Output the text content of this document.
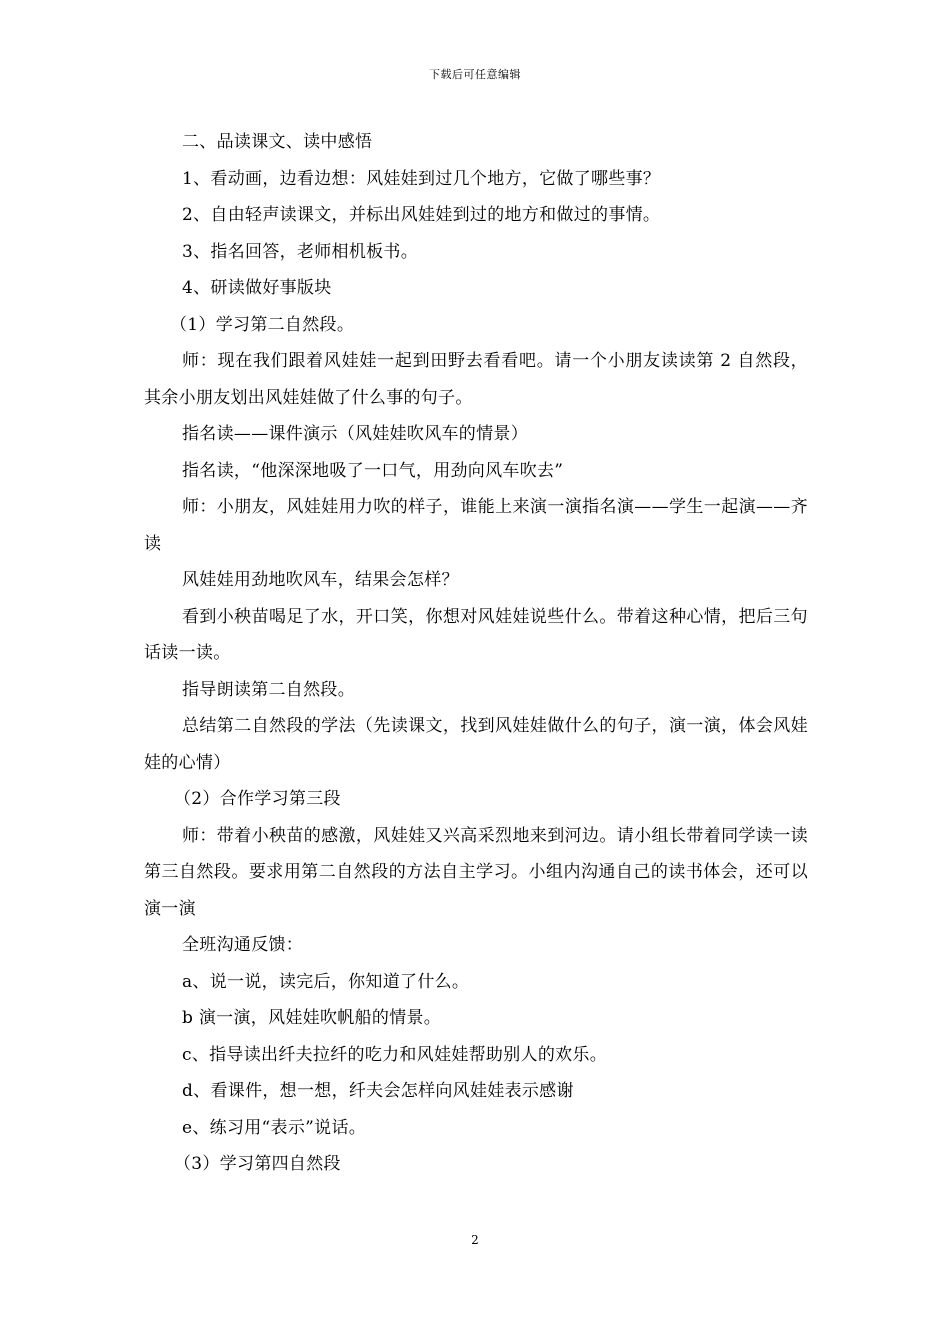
下载后可任意编辑

二、品读课文、读中感悟

1、看动画，边看边想：风娃娃到过几个地方，它做了哪些事？

2、自由轻声读课文，并标出风娃娃到过的地方和做过的事情。

3、指名回答，老师相机板书。

4、研读做好事版块

（1）学习第二自然段。

师：现在我们跟着风娃娃一起到田野去看看吧。请一个小朋友读读第 2 自然段，其余小朋友划出风娃娃做了什么事的句子。

指名读——课件演示（风娃娃吹风车的情景）

指名读，“他深深地吸了一口气，用劲向风车吹去”

师：小朋友，风娃娃用力吹的样子，谁能上来演一演指名演——学生一起演——齐读

风娃娃用劲地吹风车，结果会怎样？

看到小秧苗喝足了水，开口笑，你想对风娃娃说些什么。带着这种心情，把后三句话读一读。

指导朗读第二自然段。

总结第二自然段的学法（先读课文，找到风娃娃做什么的句子，演一演，体会风娃娃的心情）

（2）合作学习第三段

师：带着小秧苗的感激，风娃娃又兴高采烈地来到河边。请小组长带着同学读一读第三自然段。要求用第二自然段的方法自主学习。小组内沟通自己的读书体会，还可以演一演

全班沟通反馈：

a、说一说，读完后，你知道了什么。

b 演一演，风娃娃吹帆船的情景。

c、指导读出纤夫拉纤的吃力和风娃娃帮助别人的欢乐。

d、看课件，想一想，纤夫会怎样向风娃娃表示感谢

e、练习用“表示”说话。

（3）学习第四自然段

2
